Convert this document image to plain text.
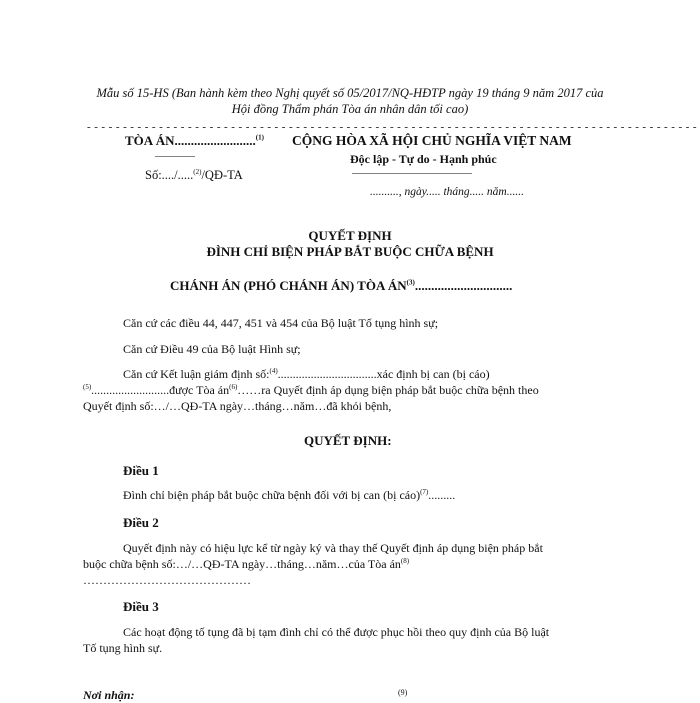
Mẫu số 15-HS (Ban hành kèm theo Nghị quyết số 05/2017/NQ-HĐTP ngày 19 tháng 9 năm 2017 của
Hội đồng Thẩm phán Tòa án nhân dân tối cao)
- - - - - - - - - - - - - - - - - - - - - - - - - - - - - - - - - - - - - - - - - - - - - - - - - - - - - - - - - - - - - - - - - - - - - - - - - - - - - - - - - - - - -
TÒA ÁN.........................$^{(1)}$
________
Số:..../.....$^{(2)}$/QĐ-TA
CỘNG HÒA XÃ HỘI CHỦ NGHĨA VIỆT NAM
Độc lập - Tự do - Hạnh phúc
________________________
.........., ngày..... tháng..... năm......
QUYẾT ĐỊNH
ĐÌNH CHỈ BIỆN PHÁP BẮT BUỘC CHỮA BỆNH
CHÁNH ÁN (PHÓ CHÁNH ÁN) TÒA ÁN$^{(3)}$..............................
Căn cứ các điều 44, 447, 451 và 454 của Bộ luật Tố tụng hình sự;
Căn cứ Điều 49 của Bộ luật Hình sự;
Căn cứ Kết luận giám định số:$^{(4)}$.................................xác định bị can (bị cáo)
$^{(5)}$..........................được Tòa $án^{(6)}\dots\dots ra$ Quyết định áp dụng biện pháp bắt buộc chữa bệnh theo
Quyết định số:…/…QĐ-TA ngày…tháng…năm…đã khỏi bệnh,
QUYẾT ĐỊNH:
Điều 1
Đình chỉ biện pháp bắt buộc chữa bệnh đối với bị can (bị cáo)$^{(7)}$.........
Điều 2
Quyết định này có hiệu lực kể từ ngày ký và thay thế Quyết định áp dụng biện pháp bắt
buộc chữa bệnh số:…/…QĐ-TA ngày…tháng…năm…của Tòa $án^{(8)}$
……………………………………
Điều 3
Các hoạt động tố tụng đã bị tạm đình chỉ có thể được phục hồi theo quy định của Bộ luật
Tố tụng hình sự.
Nơi nhận:	(9)
